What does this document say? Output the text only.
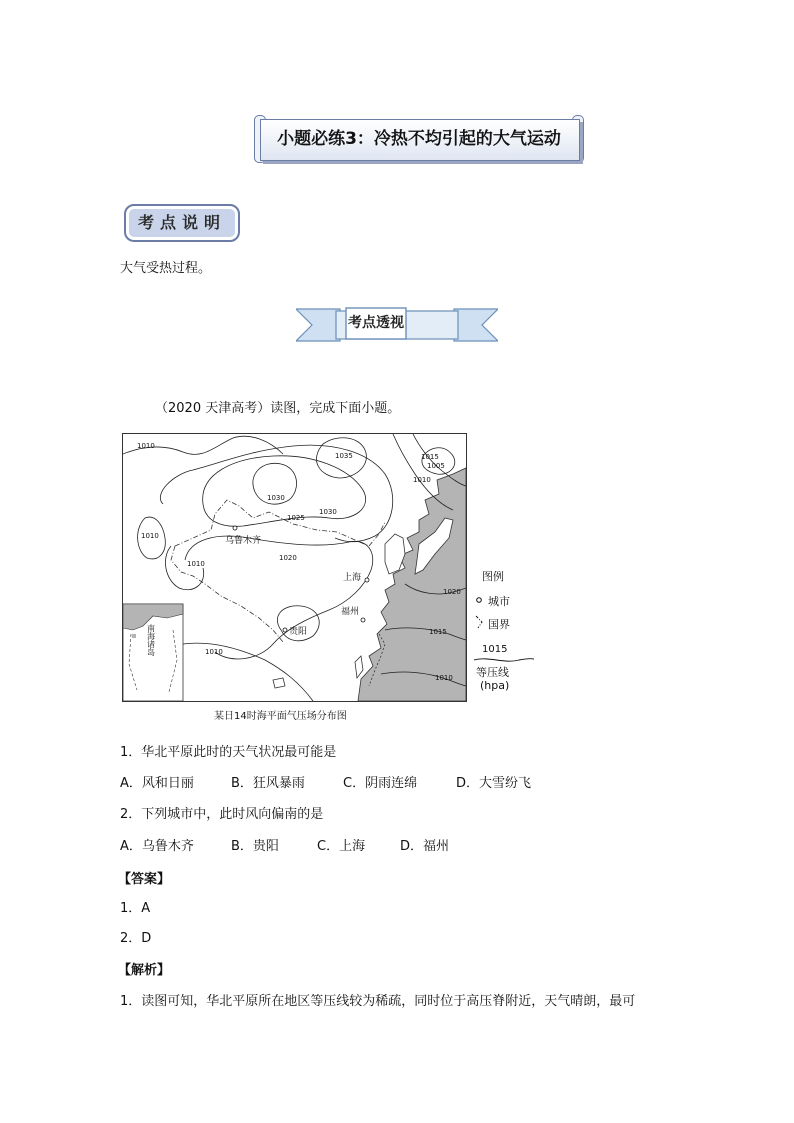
小题必练3：冷热不均引起的大气运动
考点说明
大气受热过程。
考点透视
（2020 天津高考）读图，完成下面小题。
1010
1035	1015
1010
1005
1030
1025
1030
1010
1020
1010
1010
1020
1015
1010
乌鲁木齐
上海
福州
贵阳
南海诸岛
图例
城市
国界
1015
等压线
(hpa)
某日14时海平面气压场分布图
1．华北平原此时的天气状况最可能是
A．风和日丽	B．狂风暴雨	C．阴雨连绵	D．大雪纷飞
2．下列城市中，此时风向偏南的是
A．乌鲁木齐	B．贵阳	C．上海	D．福州
【答案】
1．A
2．D
【解析】
1．读图可知，华北平原所在地区等压线较为稀疏，同时位于高压脊附近，天气晴朗，最可
